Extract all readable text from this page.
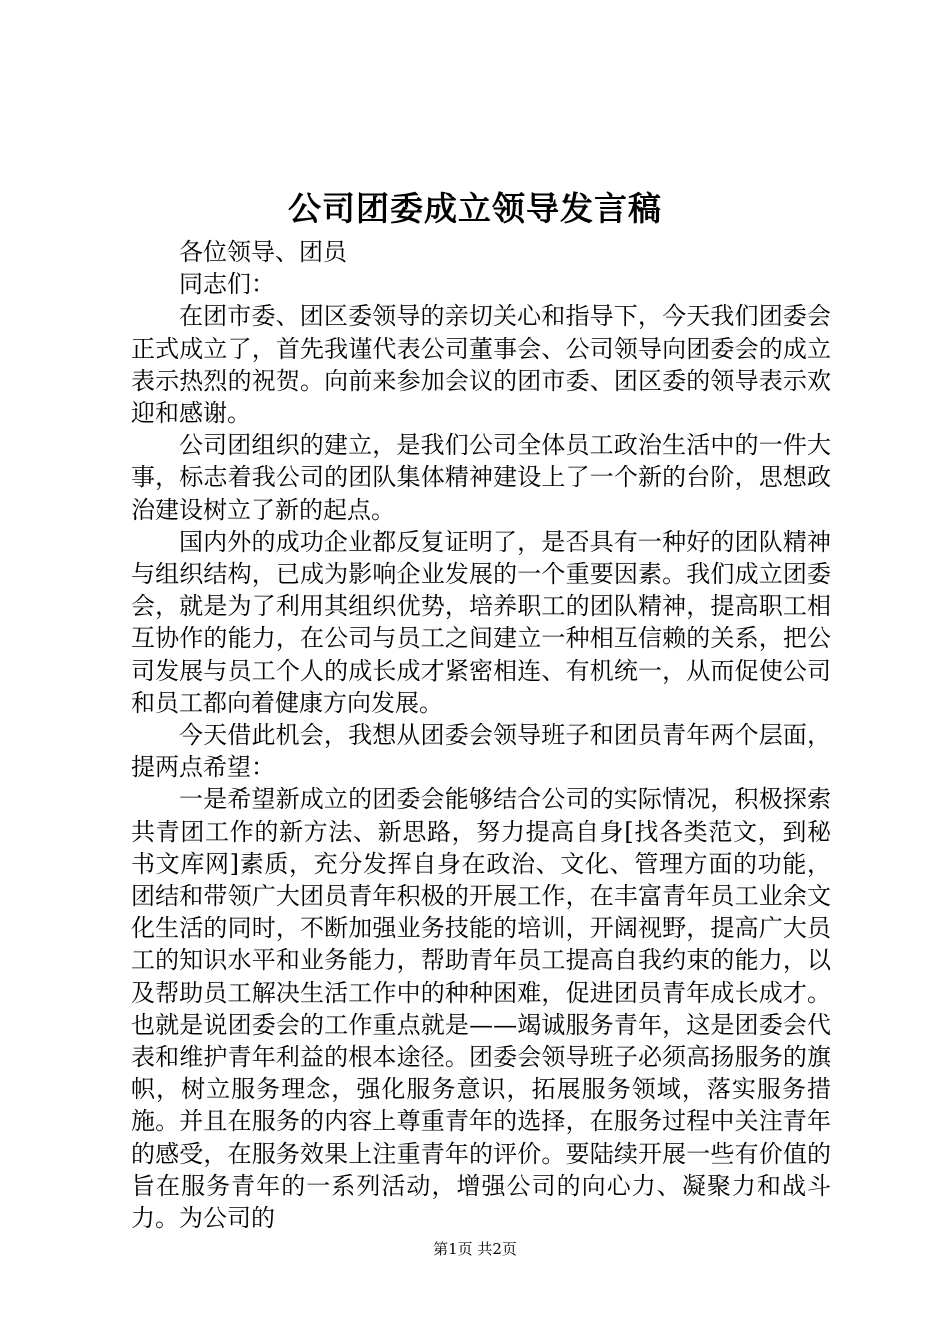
公司团委成立领导发言稿

各位领导、团员

同志们：

在团市委、团区委领导的亲切关心和指导下，今天我们团委会正式成立了，首先我谨代表公司董事会、公司领导向团委会的成立表示热烈的祝贺。向前来参加会议的团市委、团区委的领导表示欢迎和感谢。

公司团组织的建立，是我们公司全体员工政治生活中的一件大事，标志着我公司的团队集体精神建设上了一个新的台阶，思想政治建设树立了新的起点。

国内外的成功企业都反复证明了，是否具有一种好的团队精神与组织结构，已成为影响企业发展的一个重要因素。我们成立团委会，就是为了利用其组织优势，培养职工的团队精神，提高职工相互协作的能力，在公司与员工之间建立一种相互信赖的关系，把公司发展与员工个人的成长成才紧密相连、有机统一，从而促使公司和员工都向着健康方向发展。

今天借此机会，我想从团委会领导班子和团员青年两个层面，提两点希望：

一是希望新成立的团委会能够结合公司的实际情况，积极探索共青团工作的新方法、新思路，努力提高自身[找各类范文，到秘书文库网]素质，充分发挥自身在政治、文化、管理方面的功能，团结和带领广大团员青年积极的开展工作，在丰富青年员工业余文化生活的同时，不断加强业务技能的培训，开阔视野，提高广大员工的知识水平和业务能力，帮助青年员工提高自我约束的能力，以及帮助员工解决生活工作中的种种困难，促进团员青年成长成才。也就是说团委会的工作重点就是——竭诚服务青年，这是团委会代表和维护青年利益的根本途径。团委会领导班子必须高扬服务的旗帜，树立服务理念，强化服务意识，拓展服务领域，落实服务措施。并且在服务的内容上尊重青年的选择，在服务过程中关注青年的感受，在服务效果上注重青年的评价。要陆续开展一些有价值的旨在服务青年的一系列活动，增强公司的向心力、凝聚力和战斗力。为公司的

第1页 共2页
